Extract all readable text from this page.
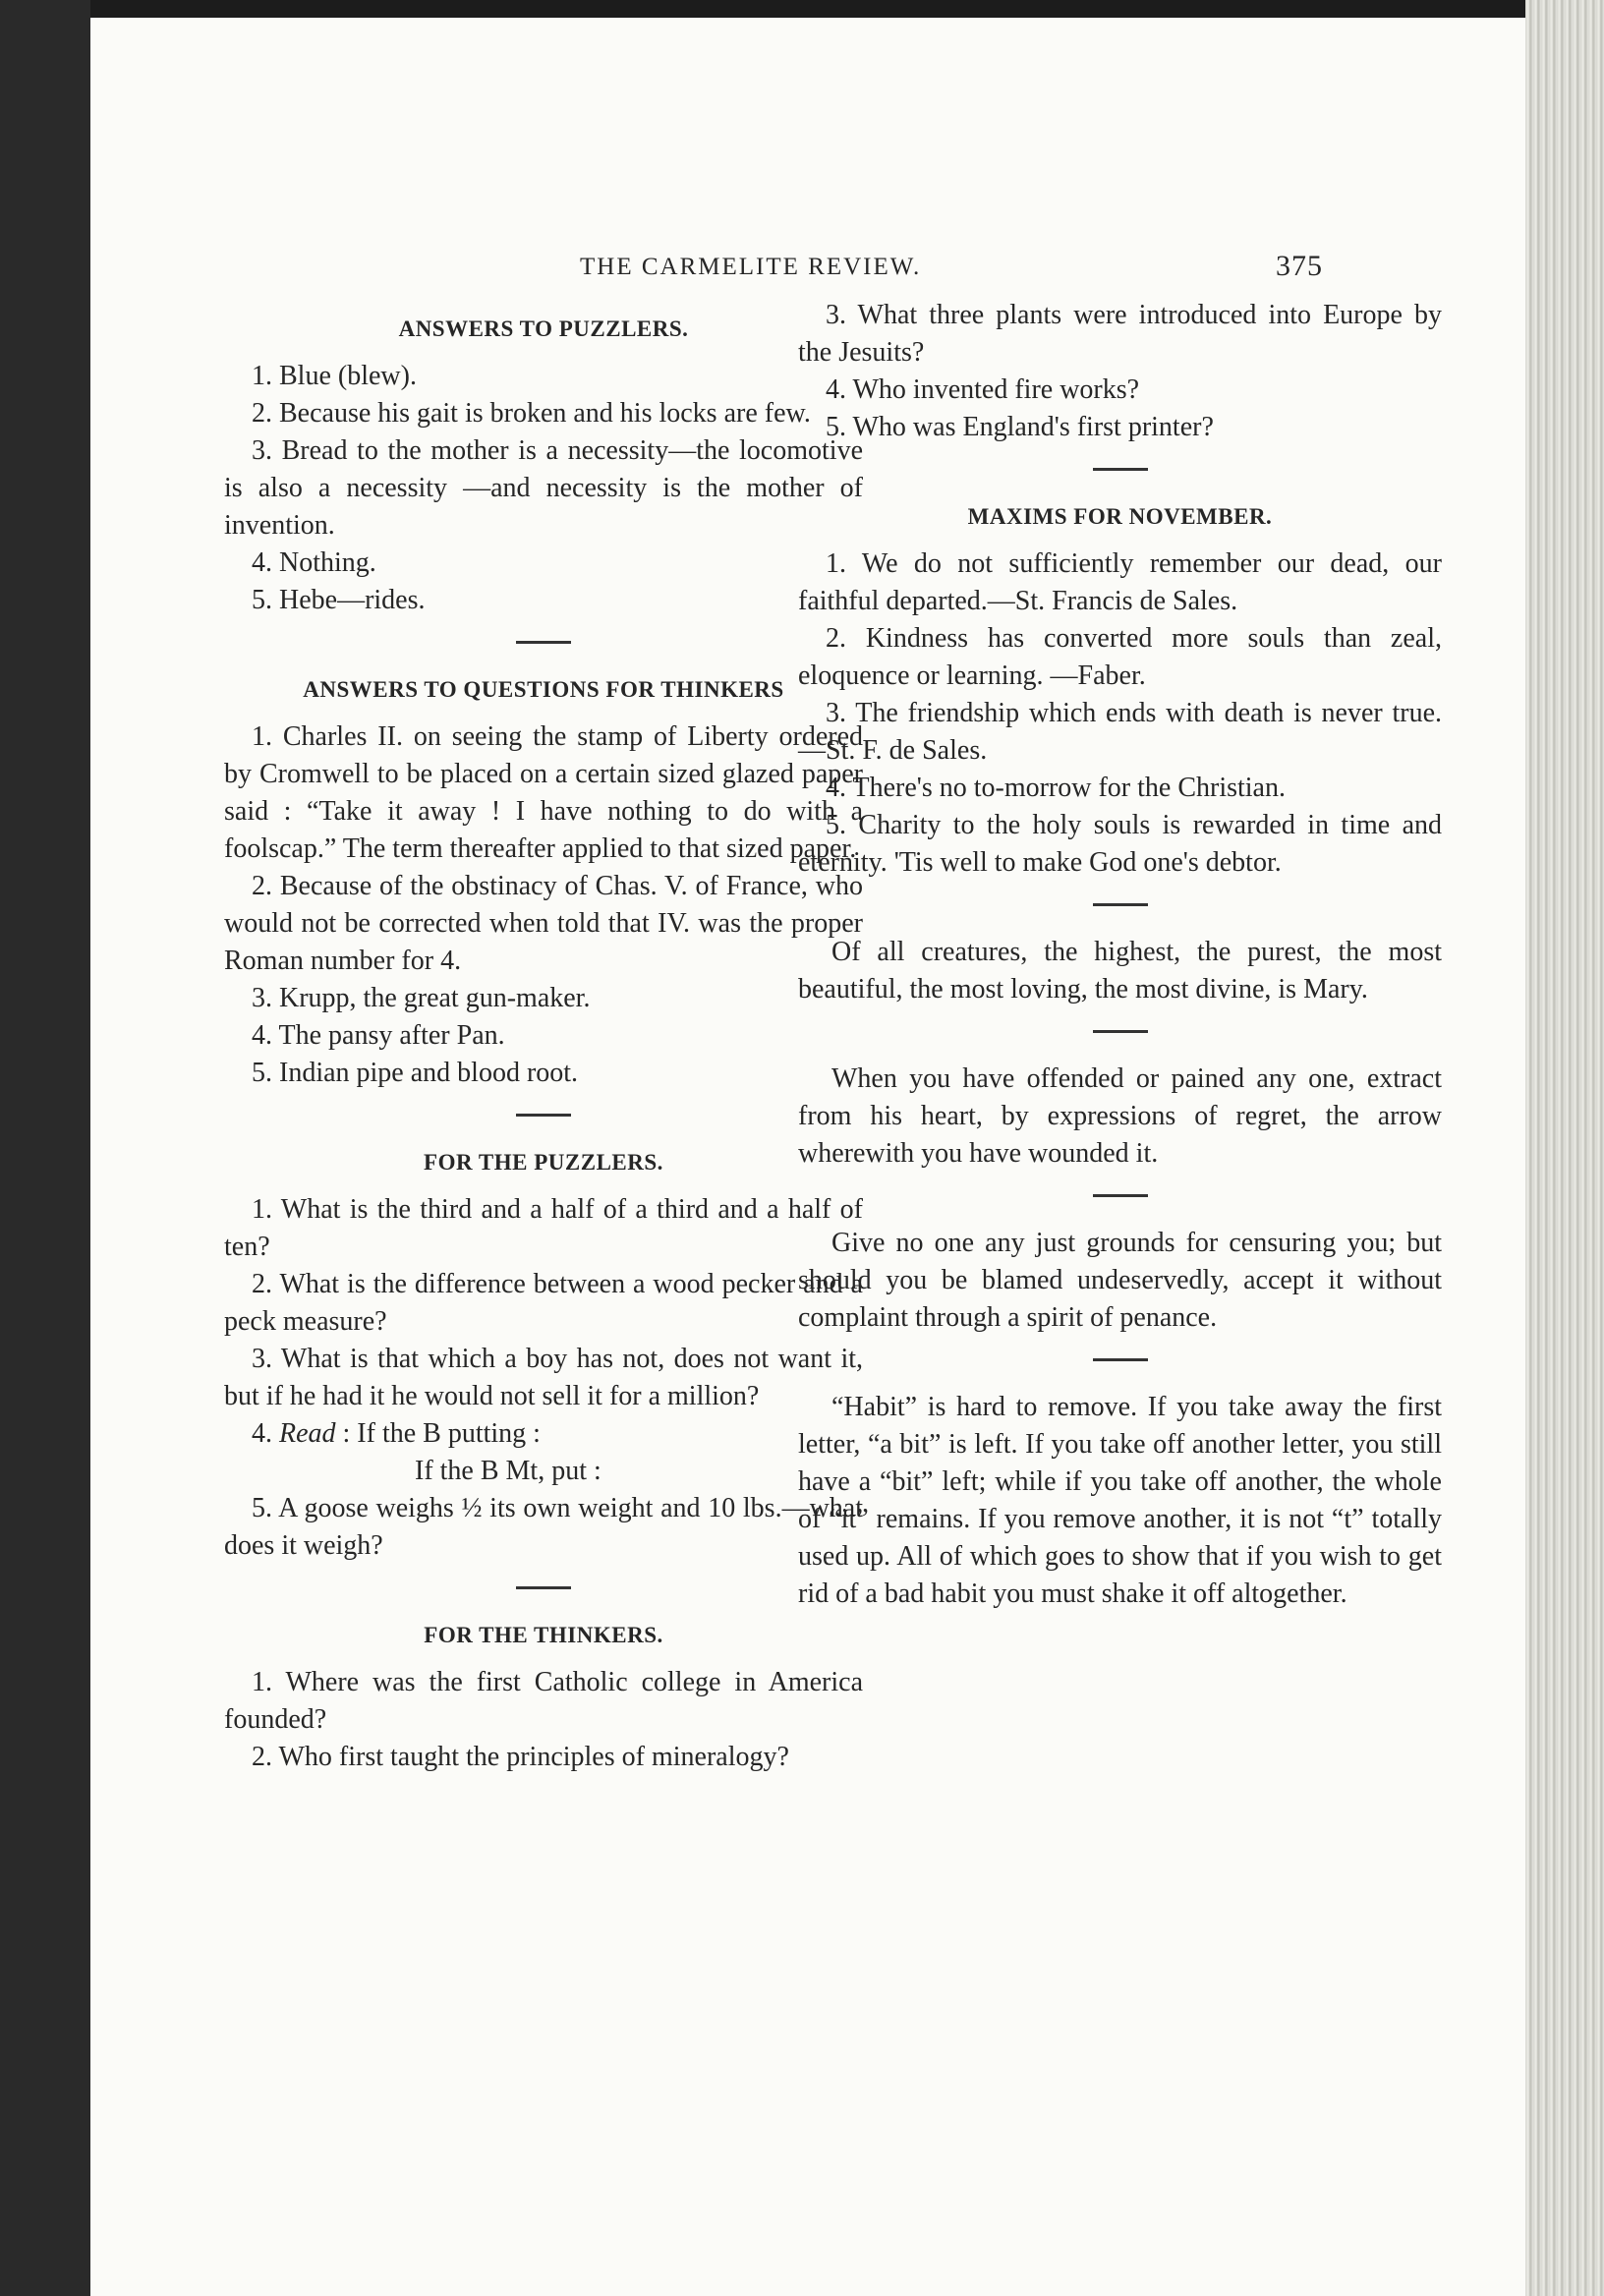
THE CARMELITE REVIEW.	375
ANSWERS TO PUZZLERS.

1. Blue (blew).

2. Because his gait is broken and his locks are few.

3. Bread to the mother is a necessity—the locomotive is also a necessity —and necessity is the mother of invention.

4. Nothing.

5. Hebe—rides.

ANSWERS TO QUESTIONS FOR THINKERS

1. Charles II. on seeing the stamp of Liberty ordered by Cromwell to be placed on a certain sized glazed paper said : “Take it away ! I have nothing to do with a foolscap.” The term thereafter applied to that sized paper.

2. Because of the obstinacy of Chas. V. of France, who would not be corrected when told that IV. was the proper Roman number for 4.

3. Krupp, the great gun-maker.

4. The pansy after Pan.

5. Indian pipe and blood root.

FOR THE PUZZLERS.

1. What is the third and a half of a third and a half of ten?

2. What is the difference between a wood pecker and a peck measure?

3. What is that which a boy has not, does not want it, but if he had it he would not sell it for a million?

4. Read : If the B putting :

If the B Mt, put :

5. A goose weighs ½ its own weight and 10 lbs.—what does it weigh?

FOR THE THINKERS.

1. Where was the first Catholic college in America founded?

2. Who first taught the principles of mineralogy?

3. What three plants were introduced into Europe by the Jesuits?

4. Who invented fire works?

5. Who was England's first printer?

MAXIMS FOR NOVEMBER.

1. We do not sufficiently remember our dead, our faithful departed.—St. Francis de Sales.

2. Kindness has converted more souls than zeal, eloquence or learning. —Faber.

3. The friendship which ends with death is never true.—St. F. de Sales.

4. There's no to-morrow for the Christian.

5. Charity to the holy souls is rewarded in time and eternity. 'Tis well to make God one's debtor.

Of all creatures, the highest, the purest, the most beautiful, the most loving, the most divine, is Mary.

When you have offended or pained any one, extract from his heart, by expressions of regret, the arrow wherewith you have wounded it.

Give no one any just grounds for censuring you; but should you be blamed undeservedly, accept it without complaint through a spirit of penance.

“Habit” is hard to remove. If you take away the first letter, “a bit” is left. If you take off another letter, you still have a “bit” left; while if you take off another, the whole of “it” remains. If you remove another, it is not “t” totally used up. All of which goes to show that if you wish to get rid of a bad habit you must shake it off altogether.
